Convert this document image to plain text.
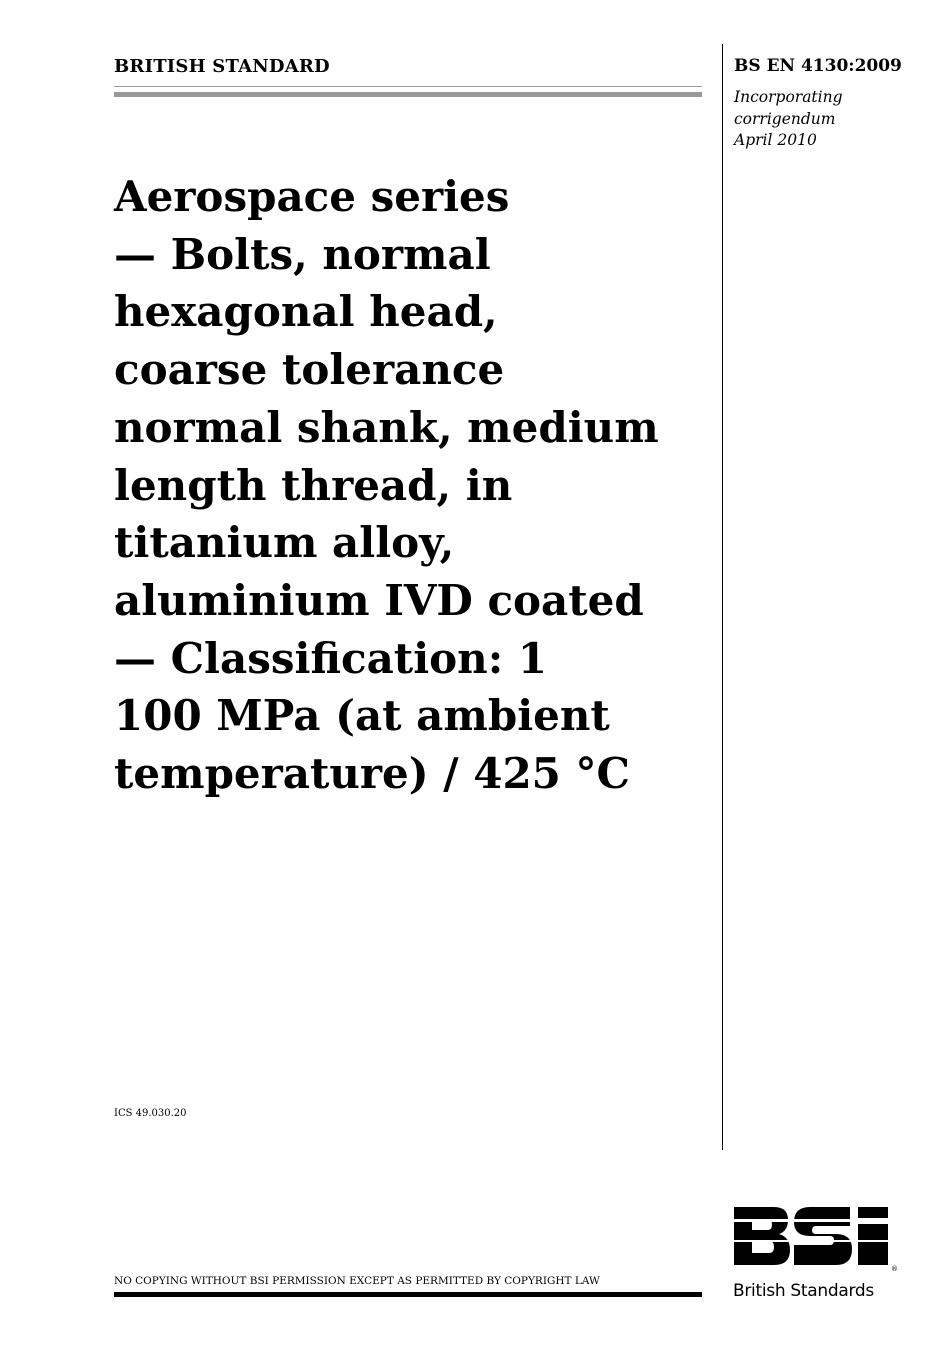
BRITISH STANDARD	BS EN 4130:2009
Incorporating
corrigendum
April 2010
Aerospace series
— Bolts, normal
hexagonal head,
coarse tolerance
normal shank, medium
length thread, in
titanium alloy,
aluminium IVD coated
— Classification: 1
100 MPa (at ambient
temperature) / 425 °C
ICS 49.030.20
NO COPYING WITHOUT BSI PERMISSION EXCEPT AS PERMITTED BY COPYRIGHT LAW
®
British Standards
